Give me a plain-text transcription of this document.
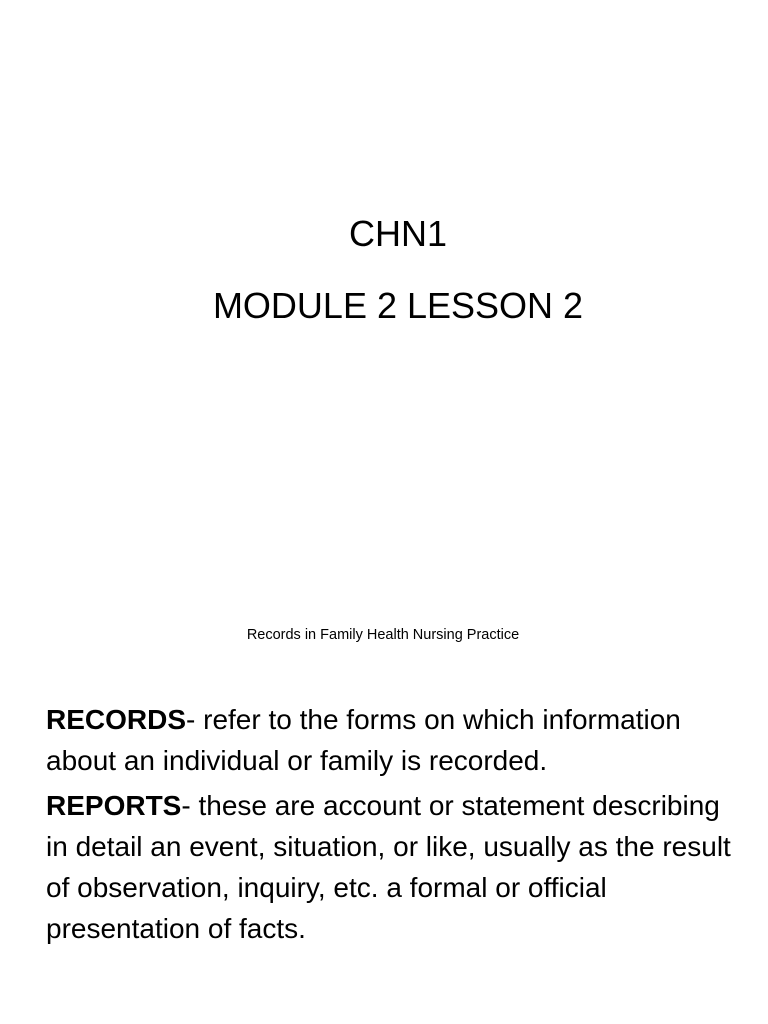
CHN1
MODULE 2 LESSON 2
Records in Family Health Nursing Practice

RECORDS- refer to the forms on which information about an individual or family is recorded.

REPORTS- these are account or statement describing in detail an event, situation, or like, usually as the result of observation, inquiry, etc. a formal or official presentation of facts.
